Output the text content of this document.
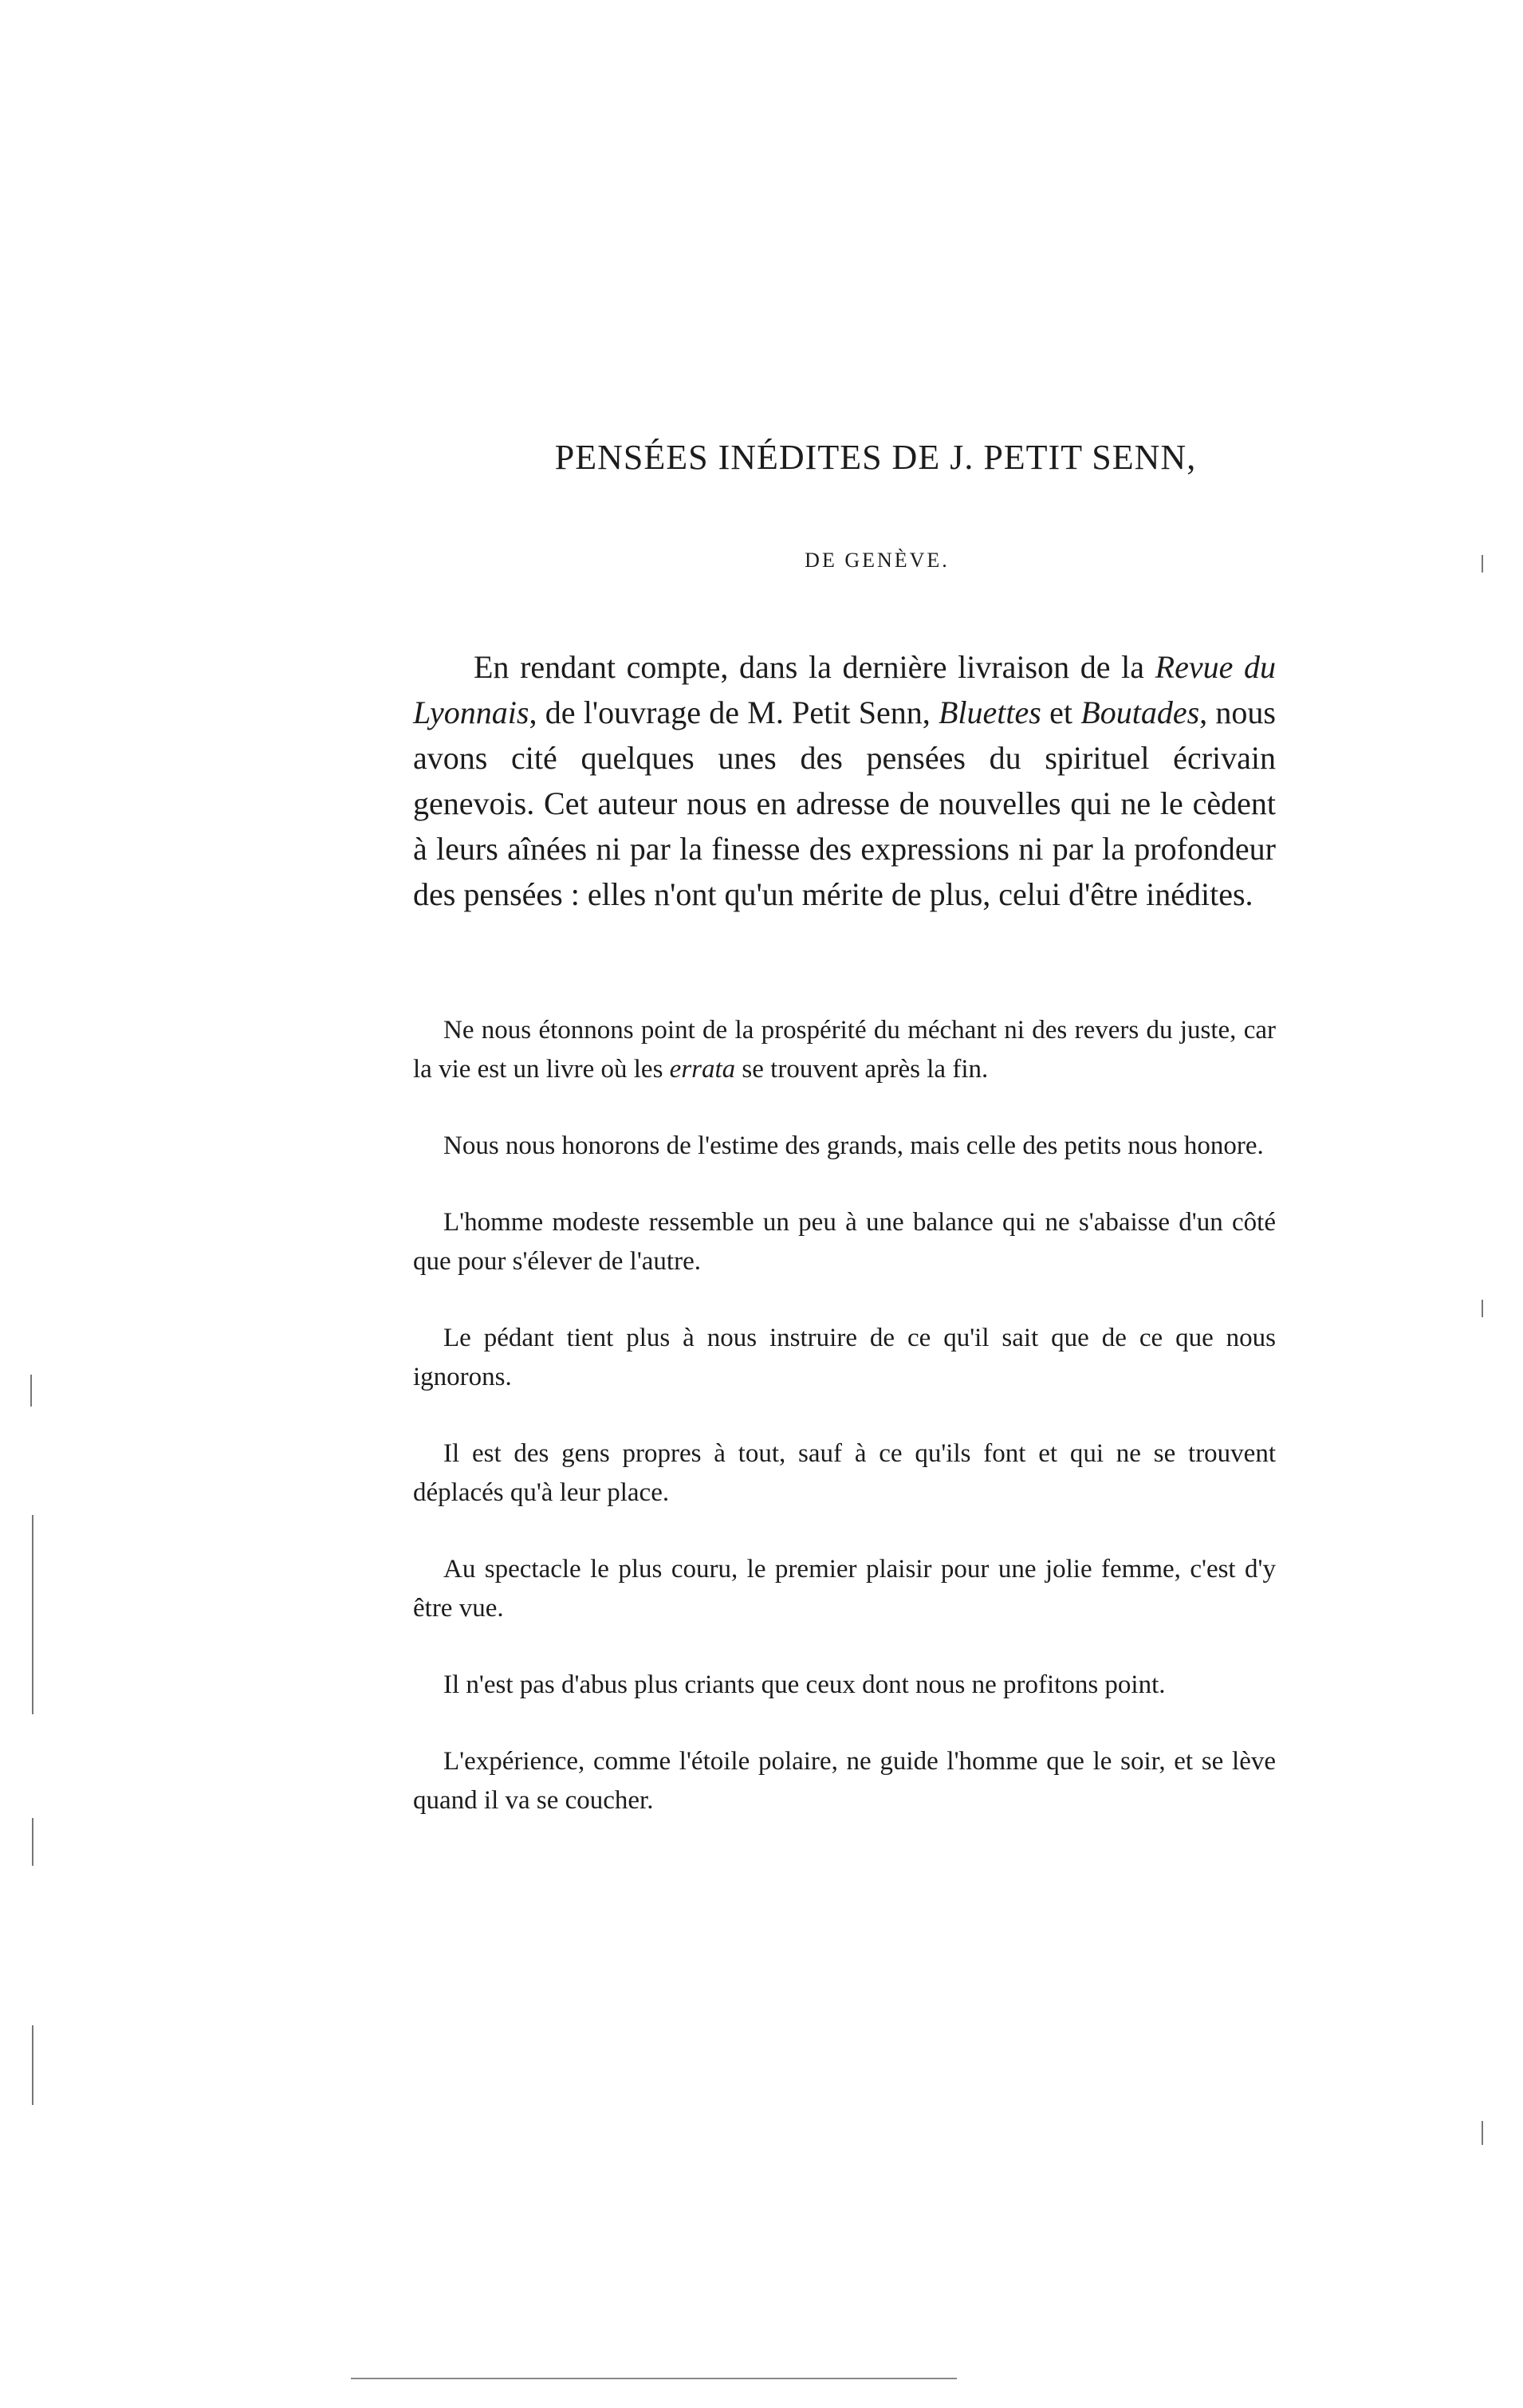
PENSÉES INÉDITES DE J. PETIT SENN,
DE GENÈVE.

En rendant compte, dans la dernière livraison de la Revue du Lyonnais, de l'ouvrage de M. Petit Senn, Bluettes et Boutades, nous avons cité quelques unes des pensées du spirituel écrivain genevois. Cet auteur nous en adresse de nouvelles qui ne le cèdent à leurs aînées ni par la finesse des expressions ni par la profondeur des pensées : elles n'ont qu'un mérite de plus, celui d'être inédites.

Ne nous étonnons point de la prospérité du méchant ni des revers du juste, car la vie est un livre où les errata se trouvent après la fin.
Nous nous honorons de l'estime des grands, mais celle des petits nous honore.
L'homme modeste ressemble un peu à une balance qui ne s'abaisse d'un côté que pour s'élever de l'autre.
Le pédant tient plus à nous instruire de ce qu'il sait que de ce que nous ignorons.
Il est des gens propres à tout, sauf à ce qu'ils font et qui ne se trouvent déplacés qu'à leur place.
Au spectacle le plus couru, le premier plaisir pour une jolie femme, c'est d'y être vue.
Il n'est pas d'abus plus criants que ceux dont nous ne profitons point.
L'expérience, comme l'étoile polaire, ne guide l'homme que le soir, et se lève quand il va se coucher.
